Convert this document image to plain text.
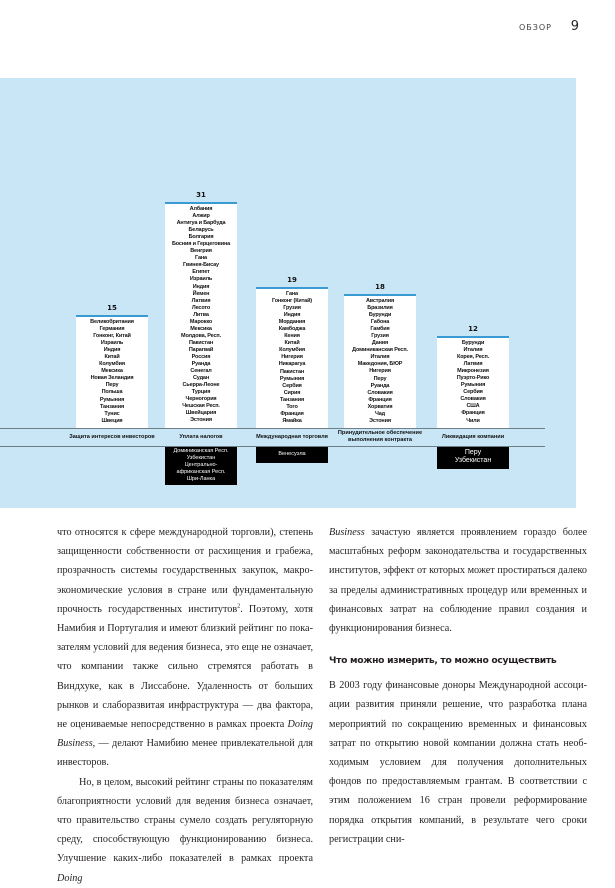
ОБЗОР 9
Великобритания
Германия
Гонконг, Китай
Израиль
Индия
Китай
Колумбия
Мексика
Новая Зеландия
Перу
Польша
Румыния
Танзания
Тунис
Швеция
15
Защита интересов инвесторов
Албания
Алжир
Антигуа и Барбуда
Беларусь
Болгария
Босния и Герцеговина
Венгрия
Гана
Гвинея-Бисау
Египет
Израиль
Индия
Йемен
Латвия
Лесото
Литва
Марокко
Мексика
Молдова, Респ.
Пакистан
Парагвай
Россия
Руанда
Сенегал
Судан
Сьерра-Леоне
Турция
Черногория
Чешская Респ.
Швейцария
Эстония
31
Уплата налогов
Доминиканская Респ.
Узбекистан
Центрально-
африканская Респ.
Шри-Ланка
Гана
Гонконг (Китай)
Грузия
Индия
Мордания
Камбоджа
Кения
Китай
Колумбия
Нигерия
Никарагуа
Пакистан
Румыния
Сербия
Сирия
Танзания
Того
Франция
Ямайка
19
Международная торговля
Венесуэла
Австралия
Бразилия
Бурунди
Габона
Гамбия
Грузия
Дания
Доминиканская Респ.
Италия
Македония, БЮР
Нигерия
Перу
Руанда
Словакия
Франция
Хорватия
Чад
Эстония
18
Принудительное обеспечение
выполнения контракта
Бурунди
Италия
Корея, Респ.
Латвия
Микронезия
Пуэрто-Рико
Румыния
Сербия
Словакия
США
Франция
Чили
12
Ликвидация компании
Перу
Узбекистан

что относятся к сфере международной торговли), степень защищенности собственности от расхищения и грабежа, прозрачность системы государственных закупок, макроэкономические условия в стране или фундаментальную прочность государственных институтов$^2$. Поэтому, хотя Намибия и Португалия и имеют близкий рейтинг по показателям условий для ведения бизнеса, это еще не означает, что компании также сильно стремятся работать в Виндхуке, как в Лиссабоне. Удаленность от больших рынков и слаборазвитая инфраструктура — два фактора, не оцениваемые непосредственно в рамках проекта Doing Business, — делают Намибию менее привлекательной для инвесторов.

Но, в целом, высокий рейтинг страны по показателям благоприятности условий для ведения бизнеса означает, что правительство страны сумело создать регуляторную среду, способствующую функционированию бизнеса. Улучшение каких-либо показателей в рамках проекта Doing

Business зачастую является проявлением гораздо более масштабных реформ законодательства и государственных институтов, эффект от которых может простираться далеко за пределы административных процедур или временных и финансовых затрат на соблюдение правил создания и функционирования бизнеса.

Что можно измерить, то можно осуществить

В 2003 году финансовые доноры Международной ассоциации развития приняли решение, что разработка плана мероприятий по сокращению временных и финансовых затрат по открытию новой компании должна стать необходимым условием для получения дополнительных фондов по предоставляемым грантам. В соответствии с этим положением 16 стран провели реформирование порядка открытия компаний, в результате чего сроки регистрации сни-
